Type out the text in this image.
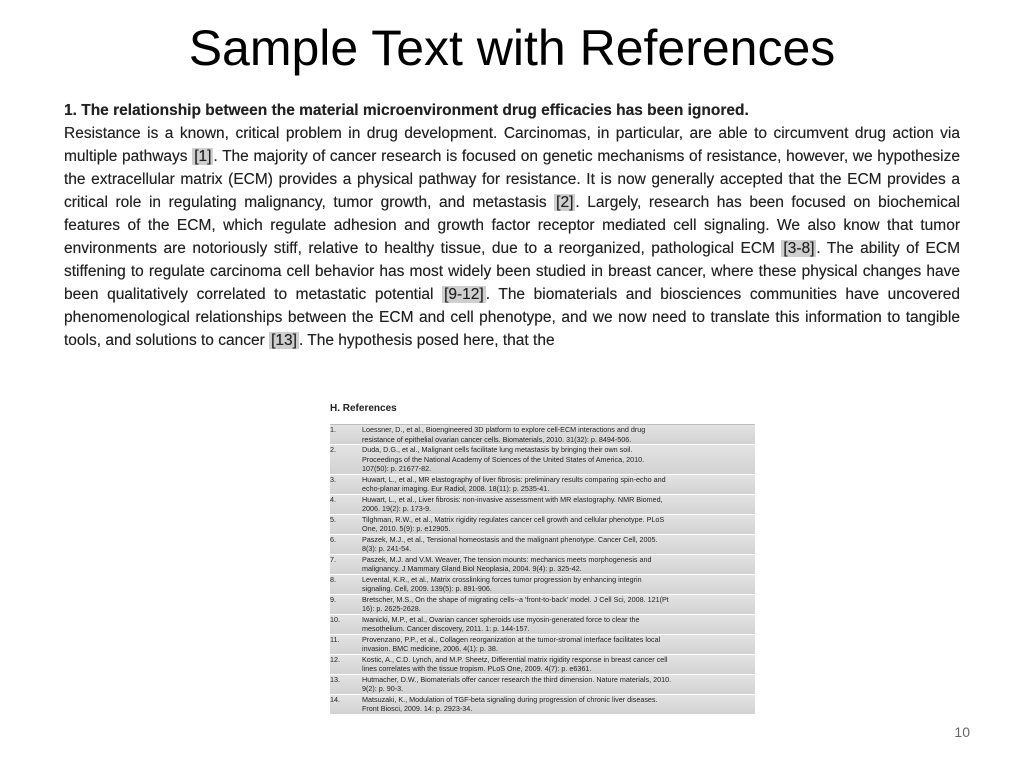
Sample Text with References

1. The relationship between the material microenvironment drug efficacies has been ignored.
Resistance is a known, critical problem in drug development. Carcinomas, in particular, are able to circumvent drug action via multiple pathways [1] . The majority of cancer research is focused on genetic mechanisms of resistance, however, we hypothesize the extracellular matrix (ECM) provides a physical pathway for resistance. It is now generally accepted that the ECM provides a critical role in regulating malignancy, tumor growth, and metastasis [2] . Largely, research has been focused on biochemical features of the ECM, which regulate adhesion and growth factor receptor mediated cell signaling. We also know that tumor environments are notoriously stiff, relative to healthy tissue, due to a reorganized, pathological ECM [3-8] . The ability of ECM stiffening to regulate carcinoma cell behavior has most widely been studied in breast cancer, where these physical changes have been qualitatively correlated to metastatic potential [9-12] . The biomaterials and biosciences communities have uncovered phenomenological relationships between the ECM and cell phenotype, and we now need to translate this information to tangible tools, and solutions to cancer [13] . The hypothesis posed here, that the

H. References
1.	Loessner, D., et al., Bioengineered 3D platform to explore cell-ECM interactions and drug
resistance of epithelial ovarian cancer cells. Biomaterials, 2010. 31(32): p. 8494-506.
2.	Duda, D.G., et al., Malignant cells facilitate lung metastasis by bringing their own soil.
Proceedings of the National Academy of Sciences of the United States of America, 2010.
107(50): p. 21677-82.
3.	Huwart, L., et al., MR elastography of liver fibrosis: preliminary results comparing spin-echo and
echo-planar imaging. Eur Radiol, 2008. 18(11): p. 2535-41.
4.	Huwart, L., et al., Liver fibrosis: non-invasive assessment with MR elastography. NMR Biomed,
2006. 19(2): p. 173-9.
5.	Tilghman, R.W., et al., Matrix rigidity regulates cancer cell growth and cellular phenotype. PLoS
One, 2010. 5(9): p. e12905.
6.	Paszek, M.J., et al., Tensional homeostasis and the malignant phenotype. Cancer Cell, 2005.
8(3): p. 241-54.
7.	Paszek, M.J. and V.M. Weaver, The tension mounts: mechanics meets morphogenesis and
malignancy. J Mammary Gland Biol Neoplasia, 2004. 9(4): p. 325-42.
8.	Levental, K.R., et al., Matrix crosslinking forces tumor progression by enhancing integrin
signaling. Cell, 2009. 139(5): p. 891-906.
9.	Bretscher, M.S., On the shape of migrating cells--a 'front-to-back' model. J Cell Sci, 2008. 121(Pt
16): p. 2625-2628.
10.	Iwanicki, M.P., et al., Ovarian cancer spheroids use myosin-generated force to clear the
mesothelium. Cancer discovery, 2011. 1: p. 144-157.
11.	Provenzano, P.P., et al., Collagen reorganization at the tumor-stromal interface facilitates local
invasion. BMC medicine, 2006. 4(1): p. 38.
12.	Kostic, A., C.D. Lynch, and M.P. Sheetz, Differential matrix rigidity response in breast cancer cell
lines correlates with the tissue tropism. PLoS One, 2009. 4(7): p. e6361.
13.	Hutmacher, D.W., Biomaterials offer cancer research the third dimension. Nature materials, 2010.
9(2): p. 90-3.
14.	Matsuzaki, K., Modulation of TGF-beta signaling during progression of chronic liver diseases.
Front Biosci, 2009. 14: p. 2923-34.
10
